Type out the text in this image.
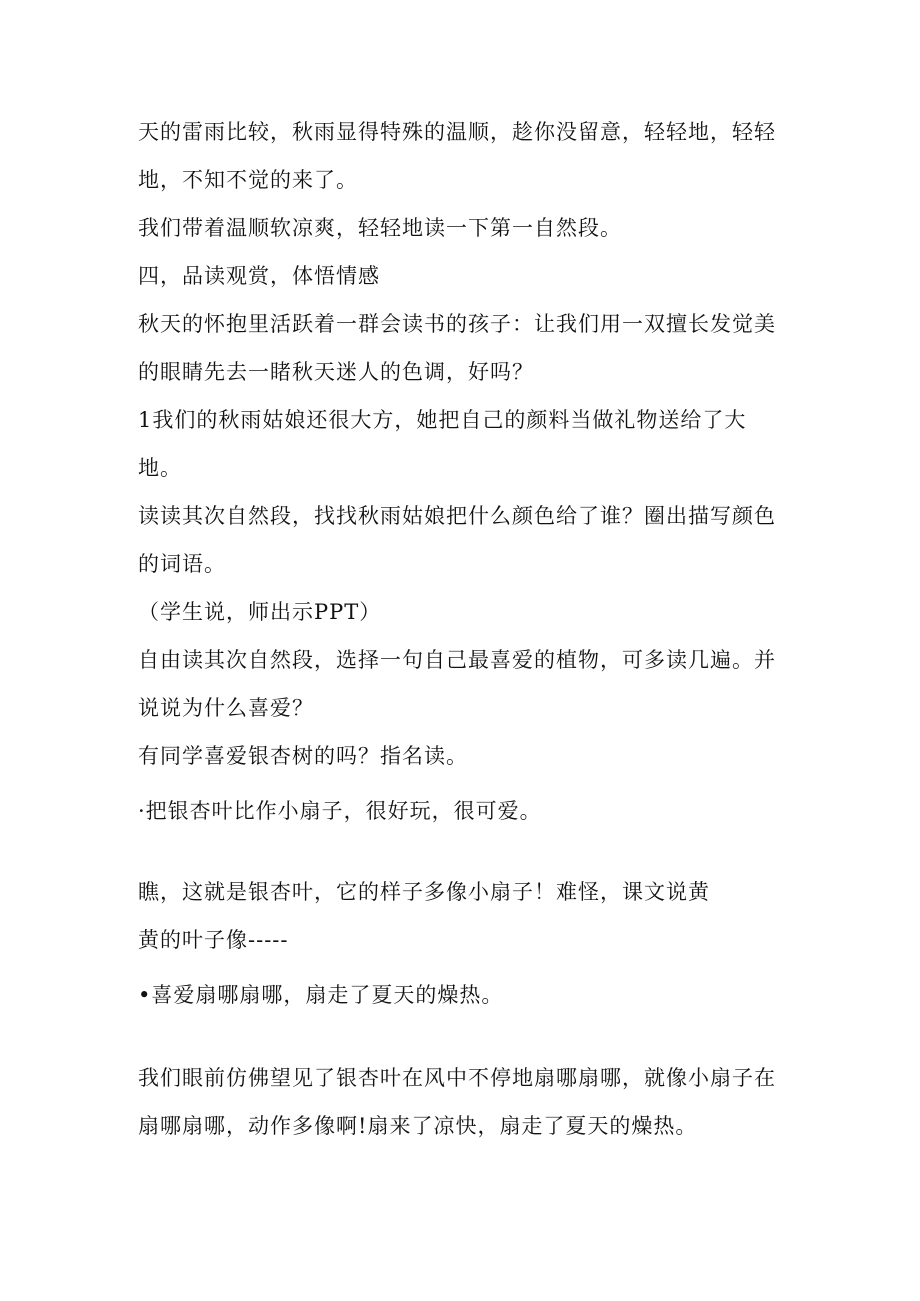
天的雷雨比较，秋雨显得特殊的温顺，趁你没留意，轻轻地，轻轻
地，不知不觉的来了。
我们带着温顺软凉爽，轻轻地读一下第一自然段。
四，品读观赏，体悟情感
秋天的怀抱里活跃着一群会读书的孩子：让我们用一双擅长发觉美
的眼睛先去一睹秋天迷人的色调，好吗？
1我们的秋雨姑娘还很大方，她把自己的颜料当做礼物送给了大
地。
读读其次自然段，找找秋雨姑娘把什么颜色给了谁？圈出描写颜色
的词语。
（学生说，师出示PPT）
自由读其次自然段，选择一句自己最喜爱的植物，可多读几遍。并
说说为什么喜爱？
有同学喜爱银杏树的吗？指名读。
·把银杏叶比作小扇子，很好玩，很可爱。
瞧，这就是银杏叶，它的样子多像小扇子！难怪，课文说黄
黄的叶子像-----
•喜爱扇哪扇哪，扇走了夏天的燥热。
我们眼前仿佛望见了银杏叶在风中不停地扇哪扇哪，就像小扇子在
扇哪扇哪，动作多像啊!扇来了凉快，扇走了夏天的燥热。
